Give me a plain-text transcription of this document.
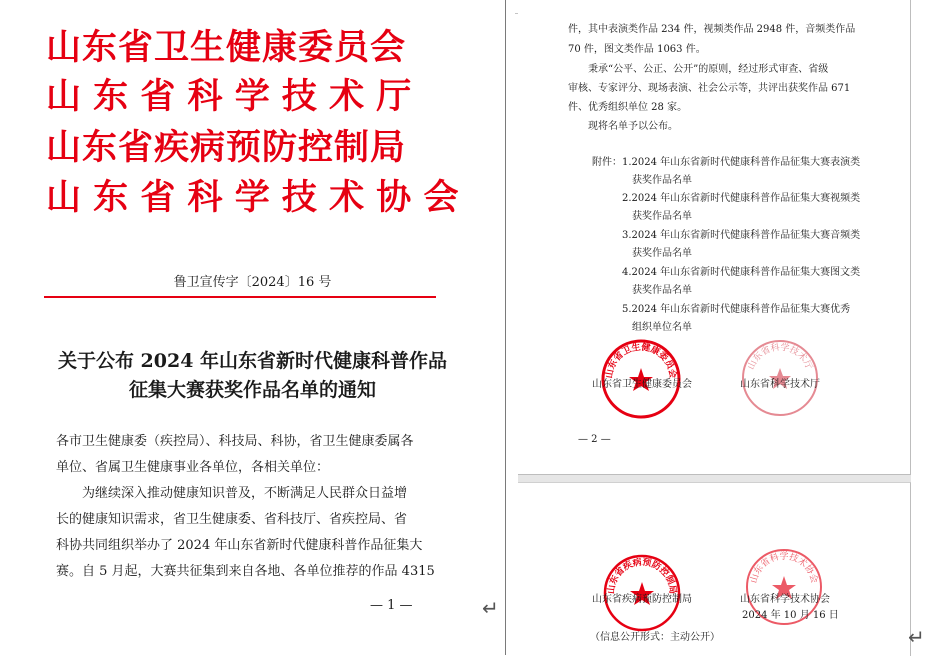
山东省卫生健康委员会
山 东 省 科 学 技 术 厅
山东省疾病预防控制局
山 东 省 科 学 技 术 协 会
鲁卫宣传字〔2024〕16 号
关于公布 2024 年山东省新时代健康科普作品
征集大赛获奖作品名单的通知
各市卫生健康委（疾控局）、科技局、科协，省卫生健康委属各
单位、省属卫生健康事业各单位，各相关单位：
为继续深入推动健康知识普及，不断满足人民群众日益增
长的健康知识需求，省卫生健康委、省科技厅、省疾控局、省
科协共同组织举办了 2024 年山东省新时代健康科普作品征集大
赛。自 5 月起，大赛共征集到来自各地、各单位推荐的作品 4315
— 1 —	↵
件，其中表演类作品 234 件，视频类作品 2948 件，音频类作品
70 件，图文类作品 1063 件。
秉承“公平、公正、公开”的原则，经过形式审查、省级
审核、专家评分、现场表演、社会公示等，共评出获奖作品 671
件、优秀组织单位 28 家。
现将名单予以公布。
附件： 1.2024 年山东省新时代健康科普作品征集大赛表演类
获奖作品名单
2.2024 年山东省新时代健康科普作品征集大赛视频类
获奖作品名单
3.2024 年山东省新时代健康科普作品征集大赛音频类
获奖作品名单
4.2024 年山东省新时代健康科普作品征集大赛图文类
获奖作品名单
5.2024 年山东省新时代健康科普作品征集大赛优秀
组织单位名单
山东省卫生健康委员会
山东省卫生健康委员会
山东省科学技术厅
山东省科学技术厅
— 2 —
山东省疾病预防控制局
山东省疾病预防控制局
山东省科学技术协会
山东省科学技术协会
2024 年 10 月 16 日
（信息公开形式：主动公开）	↵
